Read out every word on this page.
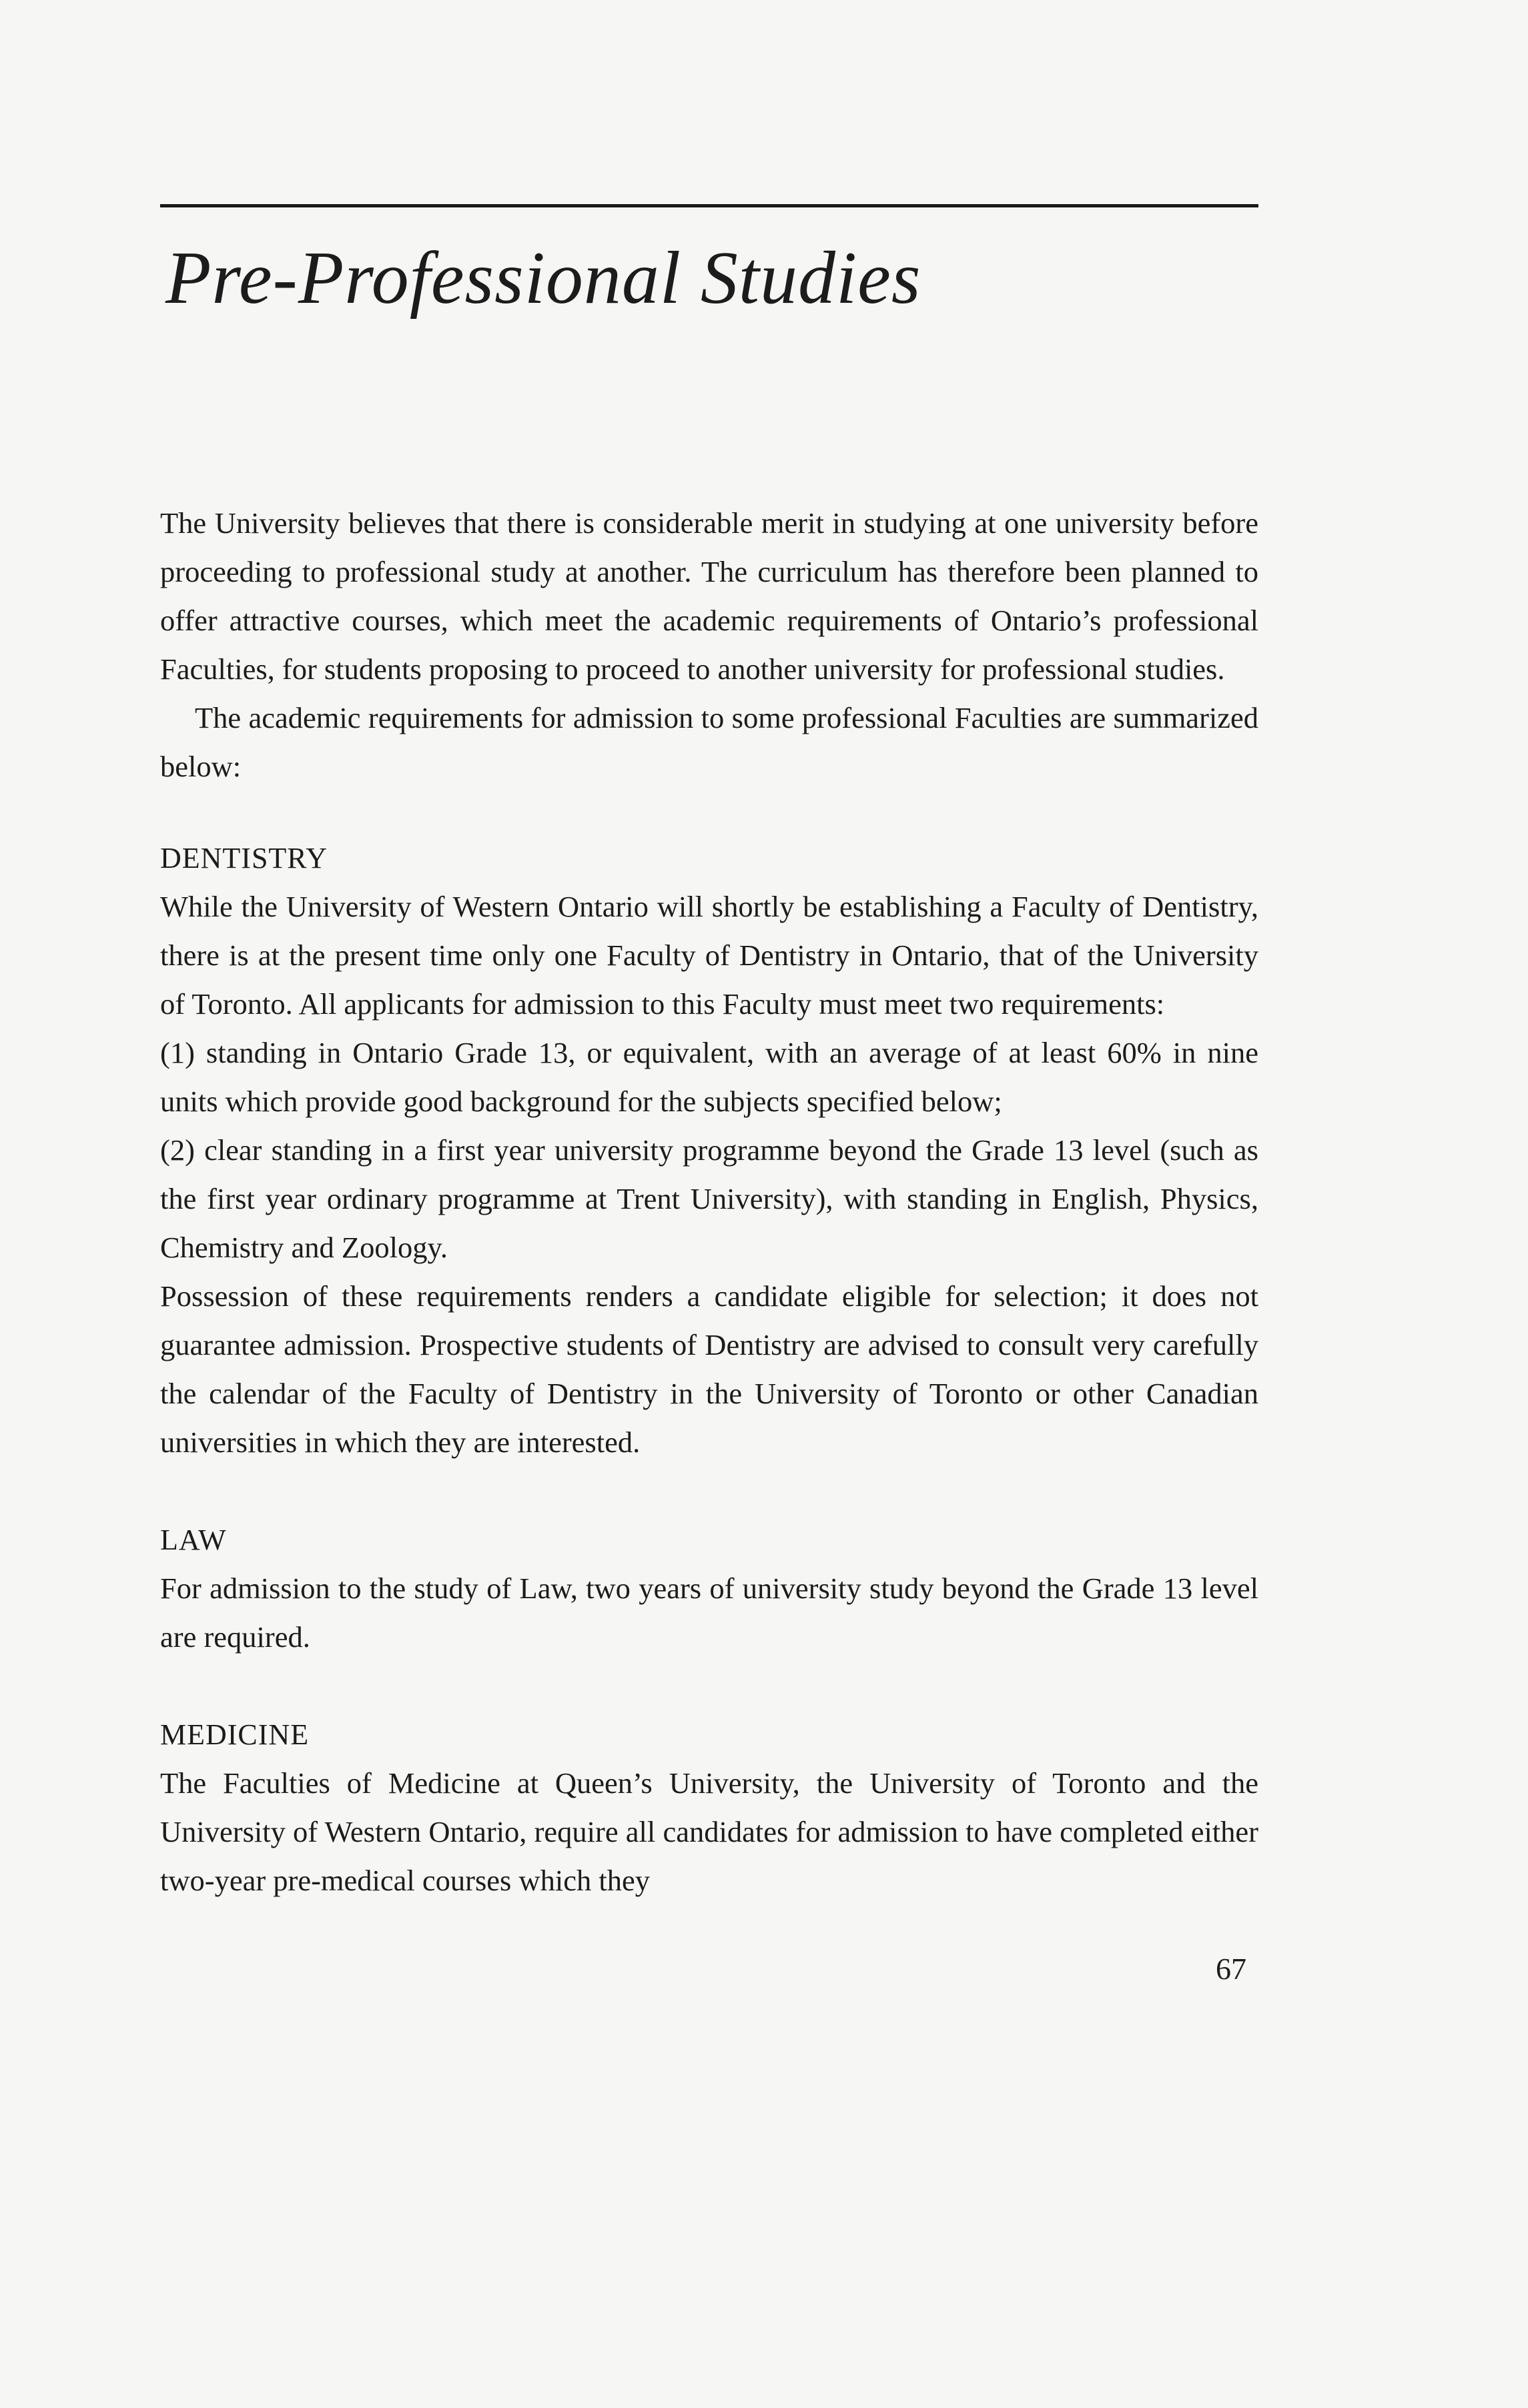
Pre-Professional Studies

The University believes that there is considerable merit in studying at one university before proceeding to professional study at another. The curriculum has therefore been planned to offer attractive courses, which meet the academic requirements of Ontario’s professional Faculties, for students proposing to proceed to another university for professional studies.

The academic requirements for admission to some professional Faculties are summarized below:

DENTISTRY

While the University of Western Ontario will shortly be establishing a Faculty of Dentistry, there is at the present time only one Faculty of Dentistry in Ontario, that of the University of Toronto. All applicants for admission to this Faculty must meet two requirements:

(1) standing in Ontario Grade 13, or equivalent, with an average of at least 60% in nine units which provide good background for the subjects specified below;

(2) clear standing in a first year university programme beyond the Grade 13 level (such as the first year ordinary programme at Trent University), with standing in English, Physics, Chemistry and Zoology.

Possession of these requirements renders a candidate eligible for selection; it does not guarantee admission. Prospective students of Dentistry are advised to consult very carefully the calendar of the Faculty of Dentistry in the University of Toronto or other Canadian universities in which they are interested.

LAW

For admission to the study of Law, two years of university study beyond the Grade 13 level are required.

MEDICINE

The Faculties of Medicine at Queen’s University, the University of Toronto and the University of Western Ontario, require all candidates for admission to have completed either two-year pre-medical courses which they

67
